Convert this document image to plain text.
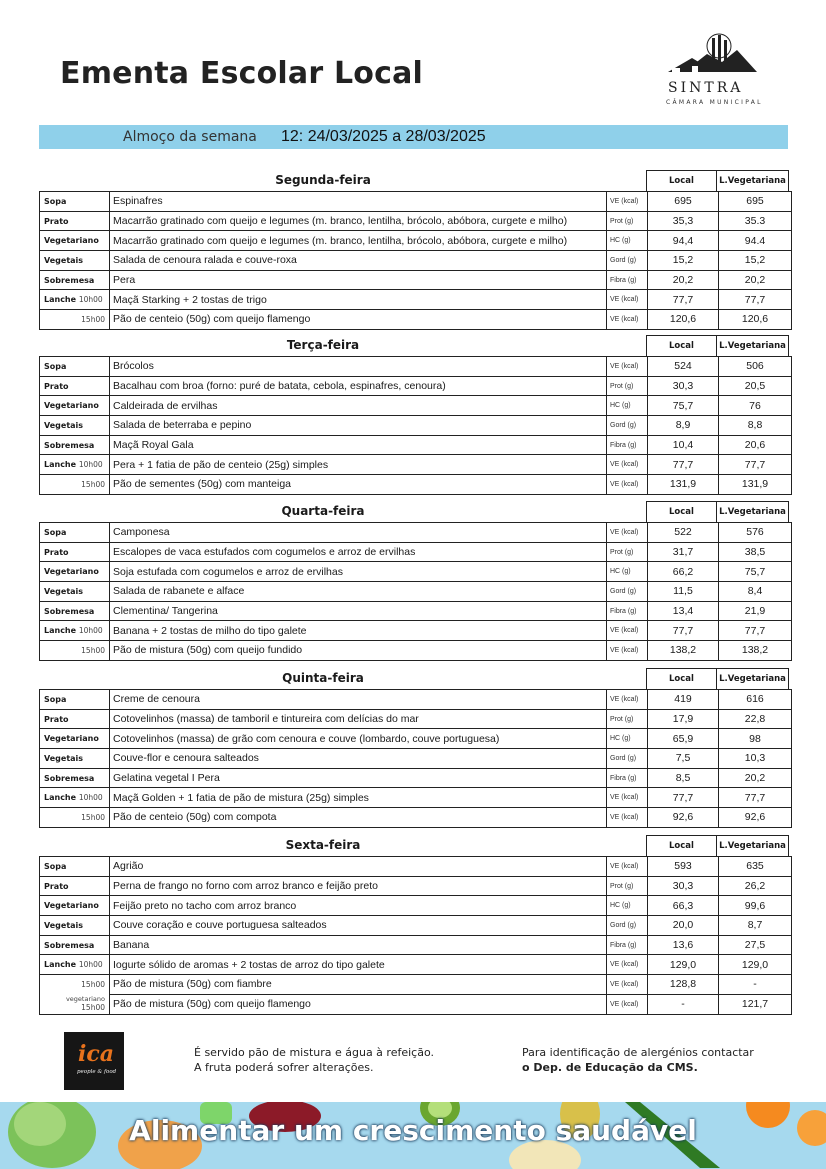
Ementa Escolar Local	SINTRA
CÂMARA MUNICIPAL
Almoço da semana 12: 24/03/2025 a 28/03/2025
Segunda-feira	Local	L.Vegetariana
Sopa	Espinafres	VE (kcal)	695	695
Prato	Macarrão gratinado com queijo e legumes (m. branco, lentilha, brócolo, abóbora, curgete e milho)	Prot (g)	35,3	35.3
Vegetariano	Macarrão gratinado com queijo e legumes (m. branco, lentilha, brócolo, abóbora, curgete e milho)	HC (g)	94,4	94.4
Vegetais	Salada de cenoura ralada e couve-roxa	Gord (g)	15,2	15,2
Sobremesa	Pera	Fibra (g)	20,2	20,2
Lanche 10h00	Maçã Starking + 2 tostas de trigo	VE (kcal)	77,7	77,7
15h00	Pão de centeio (50g) com queijo flamengo	VE (kcal)	120,6	120,6
Terça-feira	Local	L.Vegetariana
Sopa	Brócolos	VE (kcal)	524	506
Prato	Bacalhau com broa (forno: puré de batata, cebola, espinafres, cenoura)	Prot (g)	30,3	20,5
Vegetariano	Caldeirada de ervilhas	HC (g)	75,7	76
Vegetais	Salada de beterraba e pepino	Gord (g)	8,9	8,8
Sobremesa	Maçã Royal Gala	Fibra (g)	10,4	20,6
Lanche 10h00	Pera + 1 fatia de pão de centeio (25g) simples	VE (kcal)	77,7	77,7
15h00	Pão de sementes (50g) com manteiga	VE (kcal)	131,9	131,9
Quarta-feira	Local	L.Vegetariana
Sopa	Camponesa	VE (kcal)	522	576
Prato	Escalopes de vaca estufados com cogumelos e arroz de ervilhas	Prot (g)	31,7	38,5
Vegetariano	Soja estufada com cogumelos e arroz de ervilhas	HC (g)	66,2	75,7
Vegetais	Salada de rabanete e alface	Gord (g)	11,5	8,4
Sobremesa	Clementina/ Tangerina	Fibra (g)	13,4	21,9
Lanche 10h00	Banana + 2 tostas de milho do tipo galete	VE (kcal)	77,7	77,7
15h00	Pão de mistura (50g) com queijo fundido	VE (kcal)	138,2	138,2
Quinta-feira	Local	L.Vegetariana
Sopa	Creme de cenoura	VE (kcal)	419	616
Prato	Cotovelinhos (massa) de tamboril e tintureira com delícias do mar	Prot (g)	17,9	22,8
Vegetariano	Cotovelinhos (massa) de grão com cenoura e couve (lombardo, couve portuguesa)	HC (g)	65,9	98
Vegetais	Couve-flor e cenoura salteados	Gord (g)	7,5	10,3
Sobremesa	Gelatina vegetal I Pera	Fibra (g)	8,5	20,2
Lanche 10h00	Maçã Golden + 1 fatia de pão de mistura (25g) simples	VE (kcal)	77,7	77,7
15h00	Pão de centeio (50g) com compota	VE (kcal)	92,6	92,6
Sexta-feira	Local	L.Vegetariana
Sopa	Agrião	VE (kcal)	593	635
Prato	Perna de frango no forno com arroz branco e feijão preto	Prot (g)	30,3	26,2
Vegetariano	Feijão preto no tacho com arroz branco	HC (g)	66,3	99,6
Vegetais	Couve coração e couve portuguesa salteados	Gord (g)	20,0	8,7
Sobremesa	Banana	Fibra (g)	13,6	27,5
Lanche 10h00	Iogurte sólido de aromas + 2 tostas de arroz do tipo galete	VE (kcal)	129,0	129,0
15h00	Pão de mistura (50g) com fiambre	VE (kcal)	128,8	-

vegetariano
15h00	Pão de mistura (50g) com queijo flamengo	VE (kcal)	-	121,7
ica
people & food
É servido pão de mistura e água à refeição.
A fruta poderá sofrer alterações.
Para identificação de alergénios contactar
o Dep. de Educação da CMS.
Alimentar um crescimento saudável
